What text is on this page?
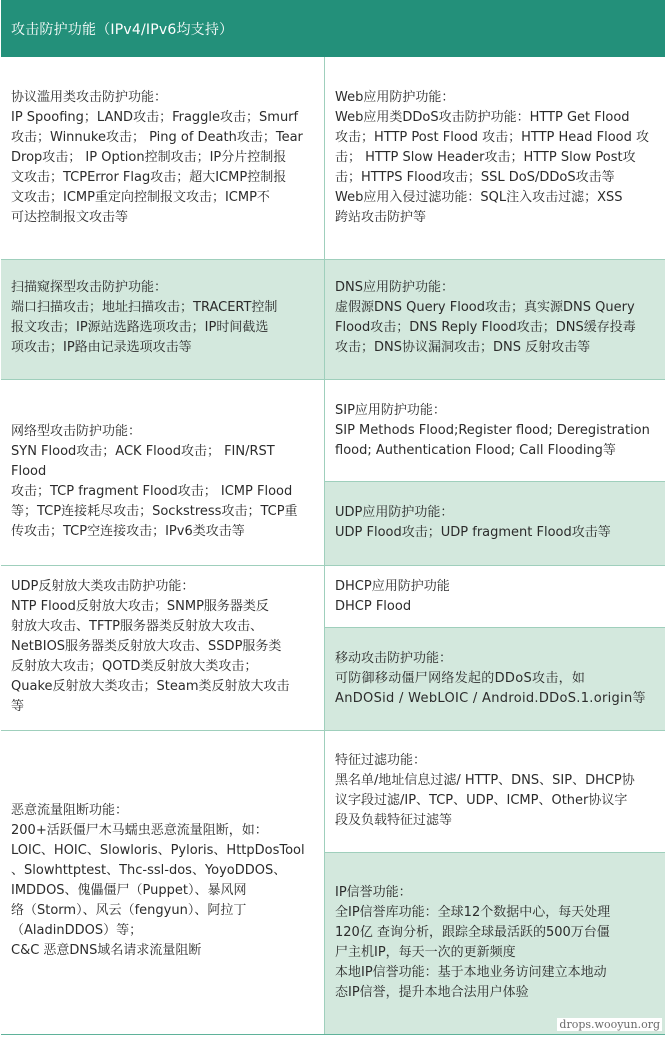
攻击防护功能（IPv4/IPv6均支持）
协议滥用类攻击防护功能：
IP Spoofing；LAND攻击；Fraggle攻击；Smurf
攻击；Winnuke攻击； Ping of Death攻击；Tear
Drop攻击； IP Option控制攻击；IP分片控制报
文攻击；TCPError Flag攻击；超大ICMP控制报
文攻击；ICMP重定向控制报文攻击；ICMP不
可达控制报文攻击等
Web应用防护功能：
Web应用类DDoS攻击防护功能：HTTP Get Flood
攻击；HTTP Post Flood 攻击；HTTP Head Flood 攻
击； HTTP Slow Header攻击；HTTP Slow Post攻
击；HTTPS Flood攻击；SSL DoS/DDoS攻击等
Web应用入侵过滤功能：SQL注入攻击过滤；XSS
跨站攻击防护等
扫描窥探型攻击防护功能：
端口扫描攻击；地址扫描攻击；TRACERT控制
报文攻击；IP源站选路选项攻击；IP时间截选
项攻击；IP路由记录选项攻击等
DNS应用防护功能：
虚假源DNS Query Flood攻击；真实源DNS Query
Flood攻击；DNS Reply Flood攻击；DNS缓存投毒
攻击；DNS协议漏洞攻击；DNS 反射攻击等
网络型攻击防护功能：
SYN Flood攻击；ACK Flood攻击； FIN/RST Flood
攻击；TCP fragment Flood攻击； ICMP Flood
等；TCP连接耗尽攻击；Sockstress攻击；TCP重
传攻击；TCP空连接攻击；IPv6类攻击等
SIP应用防护功能：
SIP Methods Flood;Register flood; Deregistration
flood; Authentication Flood; Call Flooding等
UDP应用防护功能：
UDP Flood攻击；UDP fragment Flood攻击等
UDP反射放大类攻击防护功能：
NTP Flood反射放大攻击；SNMP服务器类反
射放大攻击、TFTP服务器类反射放大攻击、
NetBIOS服务器类反射放大攻击、SSDP服务类
反射放大攻击；QOTD类反射放大类攻击；
Quake反射放大类攻击；Steam类反射放大攻击
等
DHCP应用防护功能
DHCP Flood
移动攻击防护功能：
可防御移动僵尸网络发起的DDoS攻击，如
AnDOSid / WebLOIC / Android.DDoS.1.origin等
恶意流量阻断功能：
200+活跃僵尸木马蠕虫恶意流量阻断，如：
LOIC、HOIC、Slowloris、Pyloris、HttpDosTool
、Slowhttptest、Thc-ssl-dos、YoyoDDOS、
IMDDOS、傀儡僵尸（Puppet）、暴风网
络（Storm）、风云（fengyun）、阿拉丁
（AladinDDOS）等；
C&C 恶意DNS域名请求流量阻断
特征过滤功能：
黑名单/地址信息过滤/ HTTP、DNS、SIP、DHCP协
议字段过滤/IP、TCP、UDP、ICMP、Other协议字
段及负载特征过滤等
IP信誉功能：
全IP信誉库功能：全球12个数据中心，每天处理
120亿 查询分析，跟踪全球最活跃的500万台僵
尸主机IP，每天一次的更新频度
本地IP信誉功能：基于本地业务访问建立本地动
态IP信誉，提升本地合法用户体验
drops.wooyun.org
